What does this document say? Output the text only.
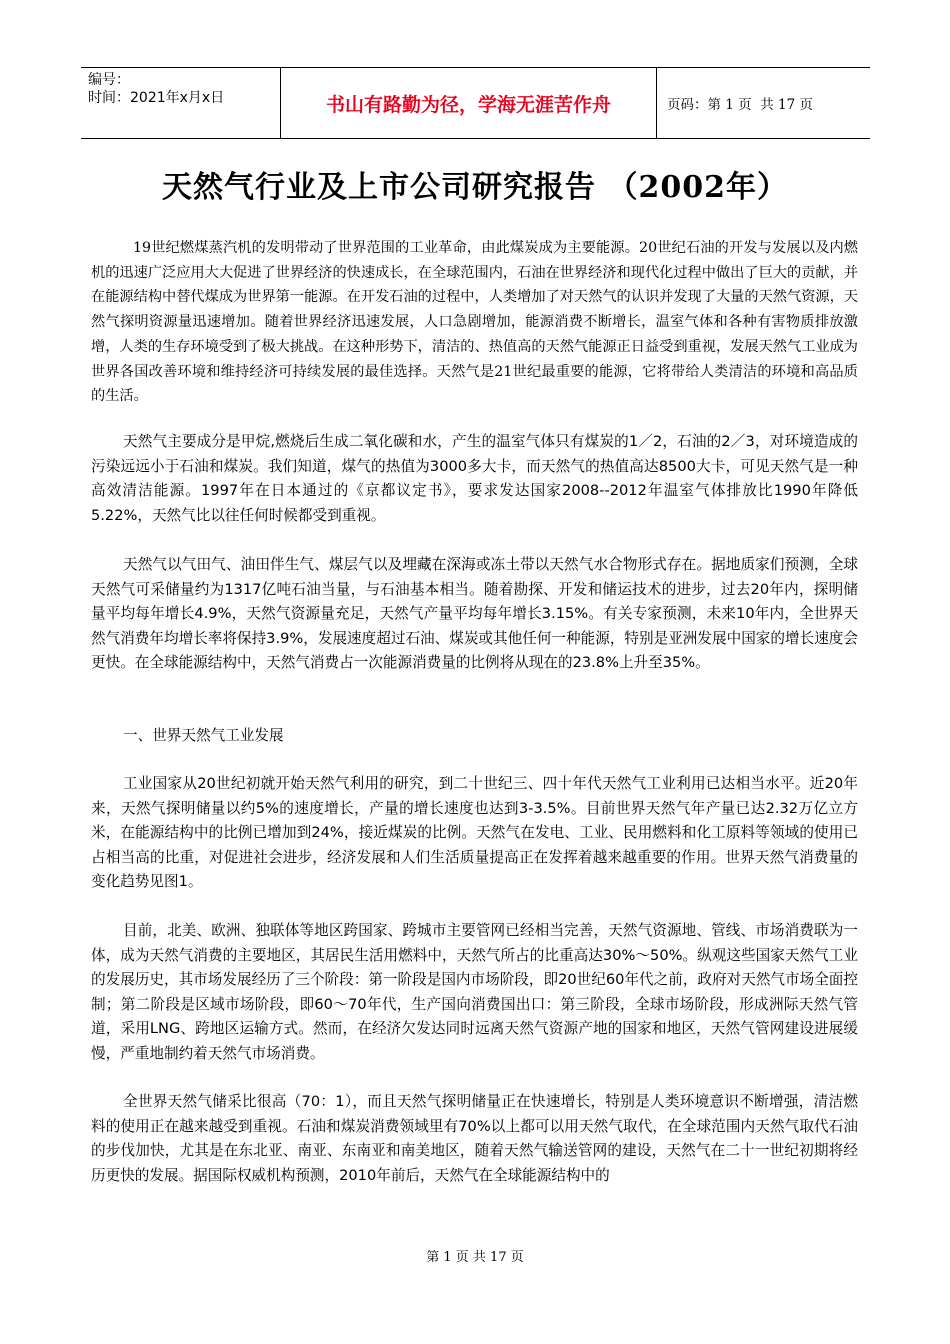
编号：
时间：2021年x月x日	书山有路勤为径，学海无涯苦作舟	页码：第 1 页  共 17 页
天然气行业及上市公司研究报告 （2002年）

19世纪燃煤蒸汽机的发明带动了世界范围的工业革命，由此煤炭成为主要能源。20世纪石油的开发与发展以及内燃机的迅速广泛应用大大促进了世界经济的快速成长，在全球范围内，石油在世界经济和现代化过程中做出了巨大的贡献，并在能源结构中替代煤成为世界第一能源。在开发石油的过程中，人类增加了对天然气的认识并发现了大量的天然气资源，天然气探明资源量迅速增加。随着世界经济迅速发展，人口急剧增加，能源消费不断增长，温室气体和各种有害物质排放激增，人类的生存环境受到了极大挑战。在这种形势下，清洁的、热值高的天然气能源正日益受到重视，发展天然气工业成为世界各国改善环境和维持经济可持续发展的最佳选择。天然气是21世纪最重要的能源，它将带给人类清洁的环境和高品质的生活。

天然气主要成分是甲烷,燃烧后生成二氧化碳和水，产生的温室气体只有煤炭的1／2，石油的2／3，对环境造成的污染远远小于石油和煤炭。我们知道，煤气的热值为3000多大卡，而天然气的热值高达8500大卡，可见天然气是一种高效清洁能源。1997年在日本通过的《京都议定书》，要求发达国家2008--2012年温室气体排放比1990年降低5.22%，天然气比以往任何时候都受到重视。

天然气以气田气、油田伴生气、煤层气以及埋藏在深海或冻土带以天然气水合物形式存在。据地质家们预测，全球天然气可采储量约为1317亿吨石油当量，与石油基本相当。随着勘探、开发和储运技术的进步，过去20年内，探明储量平均每年增长4.9%，天然气资源量充足，天然气产量平均每年增长3.15%。有关专家预测，未来10年内，全世界天然气消费年均增长率将保持3.9%，发展速度超过石油、煤炭或其他任何一种能源，特别是亚洲发展中国家的增长速度会更快。在全球能源结构中，天然气消费占一次能源消费量的比例将从现在的23.8%上升至35%。

一、世界天然气工业发展

工业国家从20世纪初就开始天然气利用的研究，到二十世纪三、四十年代天然气工业利用已达相当水平。近20年来，天然气探明储量以约5%的速度增长，产量的增长速度也达到3-3.5%。目前世界天然气年产量已达2.32万亿立方米，在能源结构中的比例已增加到24%，接近煤炭的比例。天然气在发电、工业、民用燃料和化工原料等领域的使用已占相当高的比重，对促进社会进步，经济发展和人们生活质量提高正在发挥着越来越重要的作用。世界天然气消费量的变化趋势见图1。

目前，北美、欧洲、独联体等地区跨国家、跨城市主要管网已经相当完善，天然气资源地、管线、市场消费联为一体，成为天然气消费的主要地区，其居民生活用燃料中，天然气所占的比重高达30%～50%。纵观这些国家天然气工业的发展历史，其市场发展经历了三个阶段：第一阶段是国内市场阶段，即20世纪60年代之前，政府对天然气市场全面控制；第二阶段是区域市场阶段，即60～70年代，生产国向消费国出口：第三阶段，全球市场阶段，形成洲际天然气管道，采用LNG、跨地区运输方式。然而，在经济欠发达同时远离天然气资源产地的国家和地区，天然气管网建设进展缓慢，严重地制约着天然气市场消费。

全世界天然气储采比很高（70：1），而且天然气探明储量正在快速增长，特别是人类环境意识不断增强，清洁燃料的使用正在越来越受到重视。石油和煤炭消费领域里有70%以上都可以用天然气取代，在全球范围内天然气取代石油的步伐加快，尤其是在东北亚、南亚、东南亚和南美地区，随着天然气输送管网的建设，天然气在二十一世纪初期将经历更快的发展。据国际权威机构预测，2010年前后，天然气在全球能源结构中的

第 1 页 共 17 页
